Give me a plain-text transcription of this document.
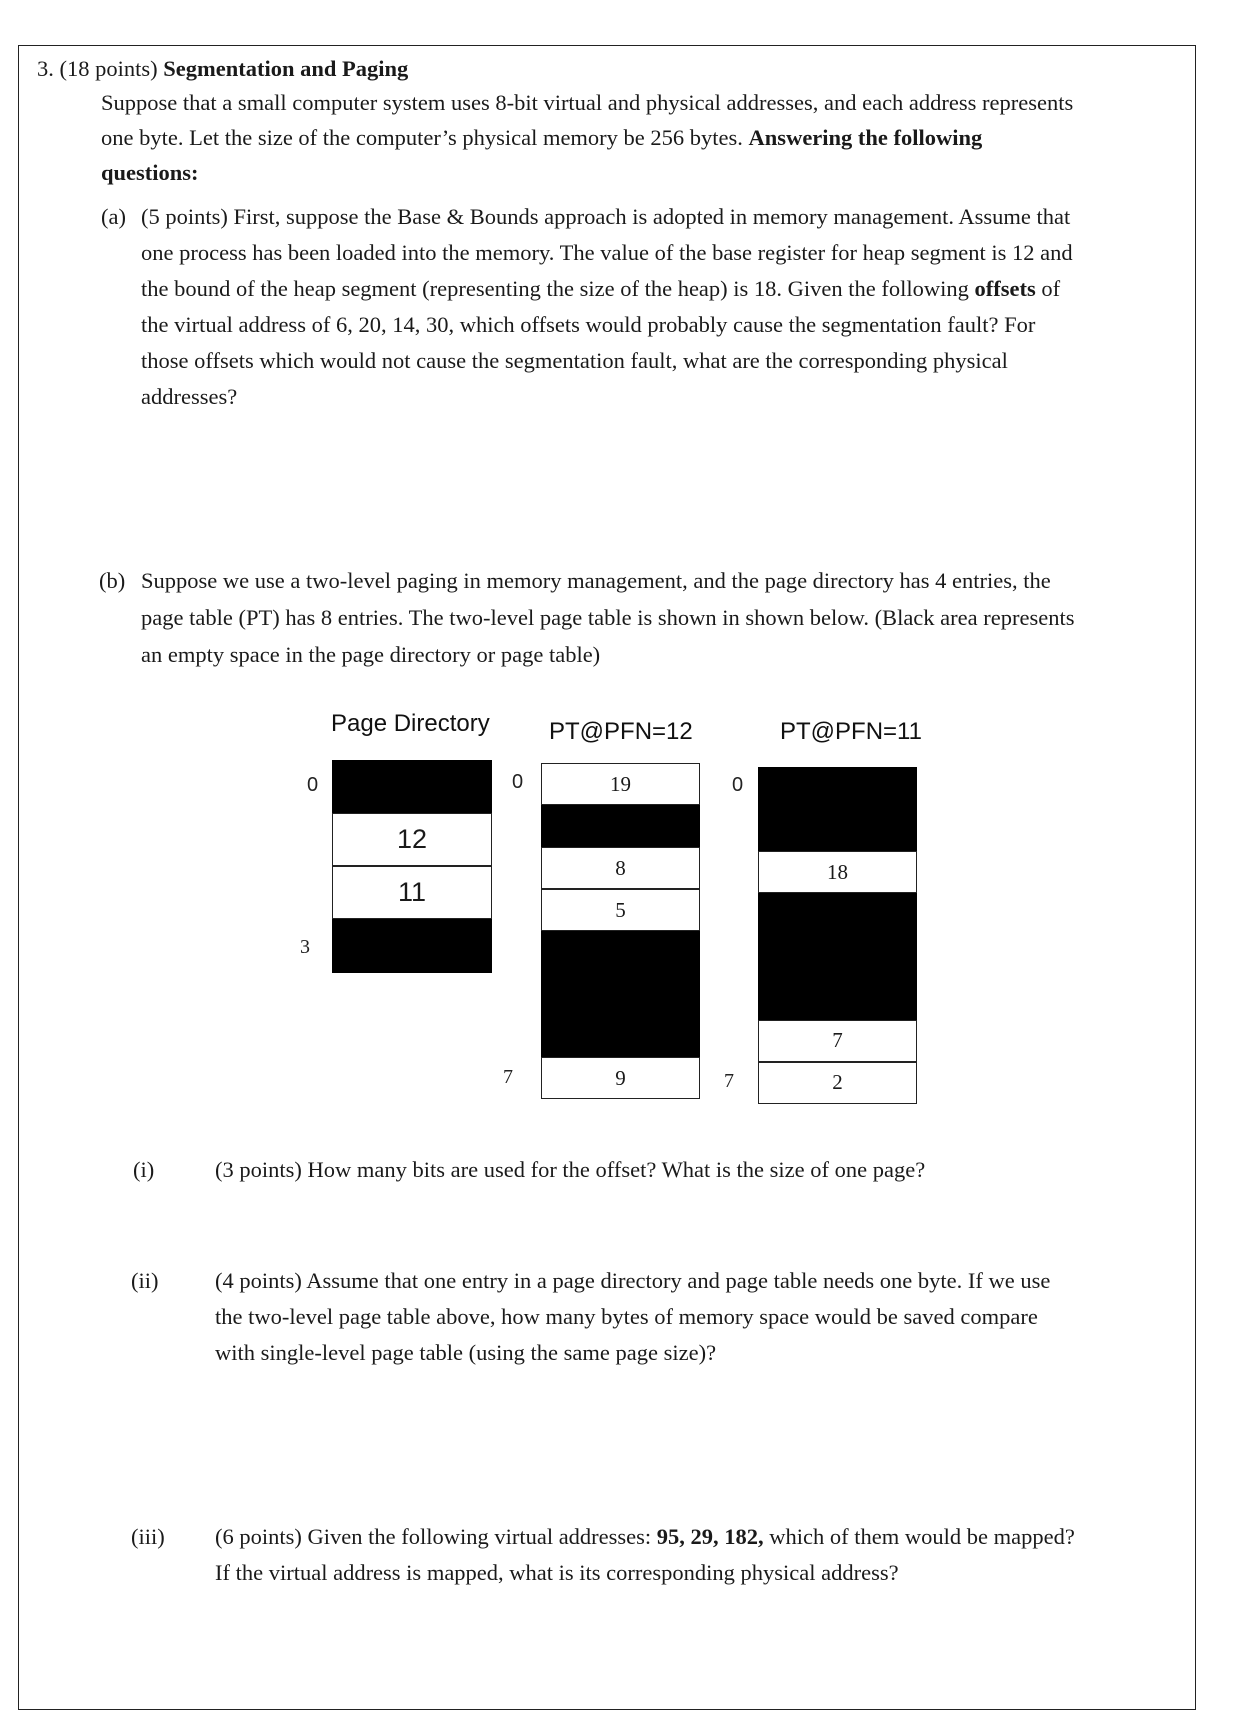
3. (18 points) Segmentation and Paging
Suppose that a small computer system uses 8-bit virtual and physical addresses, and each address represents
one byte. Let the size of the computer’s physical memory be 256 bytes. Answering the following
questions:
(a) (5 points) First, suppose the Base & Bounds approach is adopted in memory management. Assume that
one process has been loaded into the memory. The value of the base register for heap segment is 12 and
the bound of the heap segment (representing the size of the heap) is 18. Given the following offsets of
the virtual address of 6, 20, 14, 30, which offsets would probably cause the segmentation fault? For
those offsets which would not cause the segmentation fault, what are the corresponding physical
addresses?
(b) Suppose we use a two-level paging in memory management, and the page directory has 4 entries, the
page table (PT) has 8 entries. The two-level page table is shown in shown below. (Black area represents
an empty space in the page directory or page table)
Page Directory
0
3
12
11
PT@PFN=12
0
7
19
8
5
9
PT@PFN=11
0
7
18
7
2
(i)	(3 points) How many bits are used for the offset? What is the size of one page?
(ii)	(4 points) Assume that one entry in a page directory and page table needs one byte. If we use
the two-level page table above, how many bytes of memory space would be saved compare
with single-level page table (using the same page size)?
(iii) (6 points) Given the following virtual addresses: 95, 29, 182, which of them would be mapped?
If the virtual address is mapped, what is its corresponding physical address?
